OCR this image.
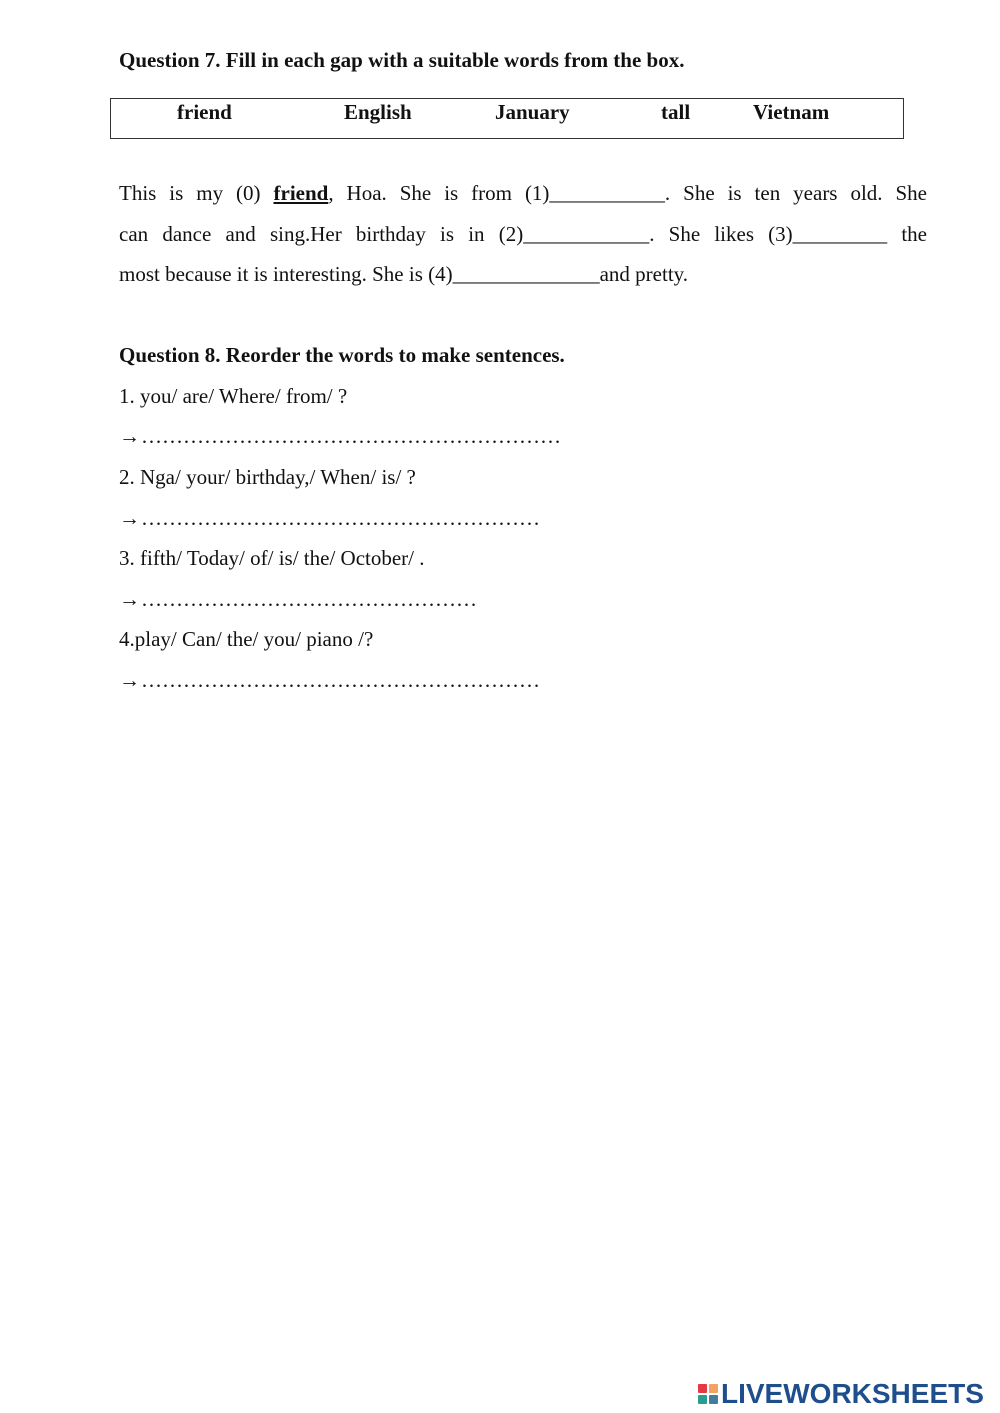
Question 7. Fill in each gap with a suitable words from the box.
friend	English	January	tall	Vietnam
This is my (0) friend, Hoa. She is from (1)___________. She is ten years old. She
can dance and sing.Her birthday is in (2)____________. She likes (3)_________ the
most because it is interesting. She is (4)______________and pretty.
Question 8. Reorder the words to make sentences.
1. you/ are/ Where/ from/ ?
→……………………………………………………
2. Nga/ your/ birthday,/ When/ is/ ?
→…………………………………………………
3. fifth/ Today/ of/ is/ the/ October/ .
→…………………………………………
4.play/ Can/ the/ you/ piano /?
→…………………………………………………
LIVEWORKSHEETS
